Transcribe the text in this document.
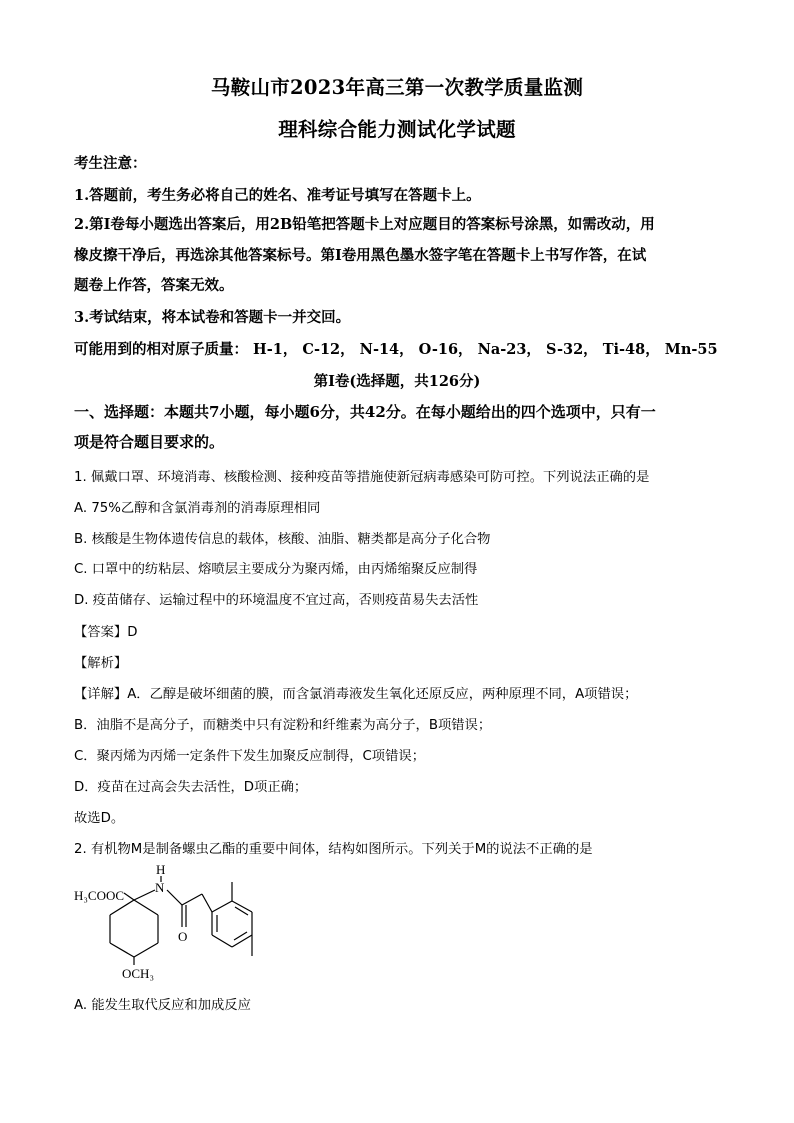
马鞍山市2023年高三第一次教学质量监测
理科综合能力测试化学试题
考生注意：
1.答题前，考生务必将自己的姓名、准考证号填写在答题卡上。
2.第I卷每小题选出答案后，用2B铅笔把答题卡上对应题目的答案标号涂黑，如需改动，用
橡皮擦干净后，再选涂其他答案标号。第I卷用黑色墨水签字笔在答题卡上书写作答，在试
题卷上作答，答案无效。
3.考试结束，将本试卷和答题卡一并交回。
可能用到的相对原子质量： H-1， C-12， N-14， O-16， Na-23， S-32， Ti-48， Mn-55
第I卷(选择题，共126分)
一、选择题：本题共7小题，每小题6分，共42分。在每小题给出的四个选项中，只有一
项是符合题目要求的。
1. 佩戴口罩、环境消毒、核酸检测、接种疫苗等措施使新冠病毒感染可防可控。下列说法正确的是
A. 75%乙醇和含氯消毒剂的消毒原理相同
B. 核酸是生物体遗传信息的载体，核酸、油脂、糖类都是高分子化合物
C. 口罩中的纺粘层、熔喷层主要成分为聚丙烯，由丙烯缩聚反应制得
D. 疫苗储存、运输过程中的环境温度不宜过高，否则疫苗易失去活性
【答案】D
【解析】
【详解】A．乙醇是破坏细菌的膜，而含氯消毒液发生氧化还原反应，两种原理不同，A项错误；
B．油脂不是高分子，而糖类中只有淀粉和纤维素为高分子，B项错误；
C．聚丙烯为丙烯一定条件下发生加聚反应制得，C项错误；
D．疫苗在过高会失去活性，D项正确；
故选D。
2. 有机物M是制备螺虫乙酯的重要中间体，结构如图所示。下列关于M的说法不正确的是
H₃COOC
H
N
O
OCH₃
A. 能发生取代反应和加成反应
